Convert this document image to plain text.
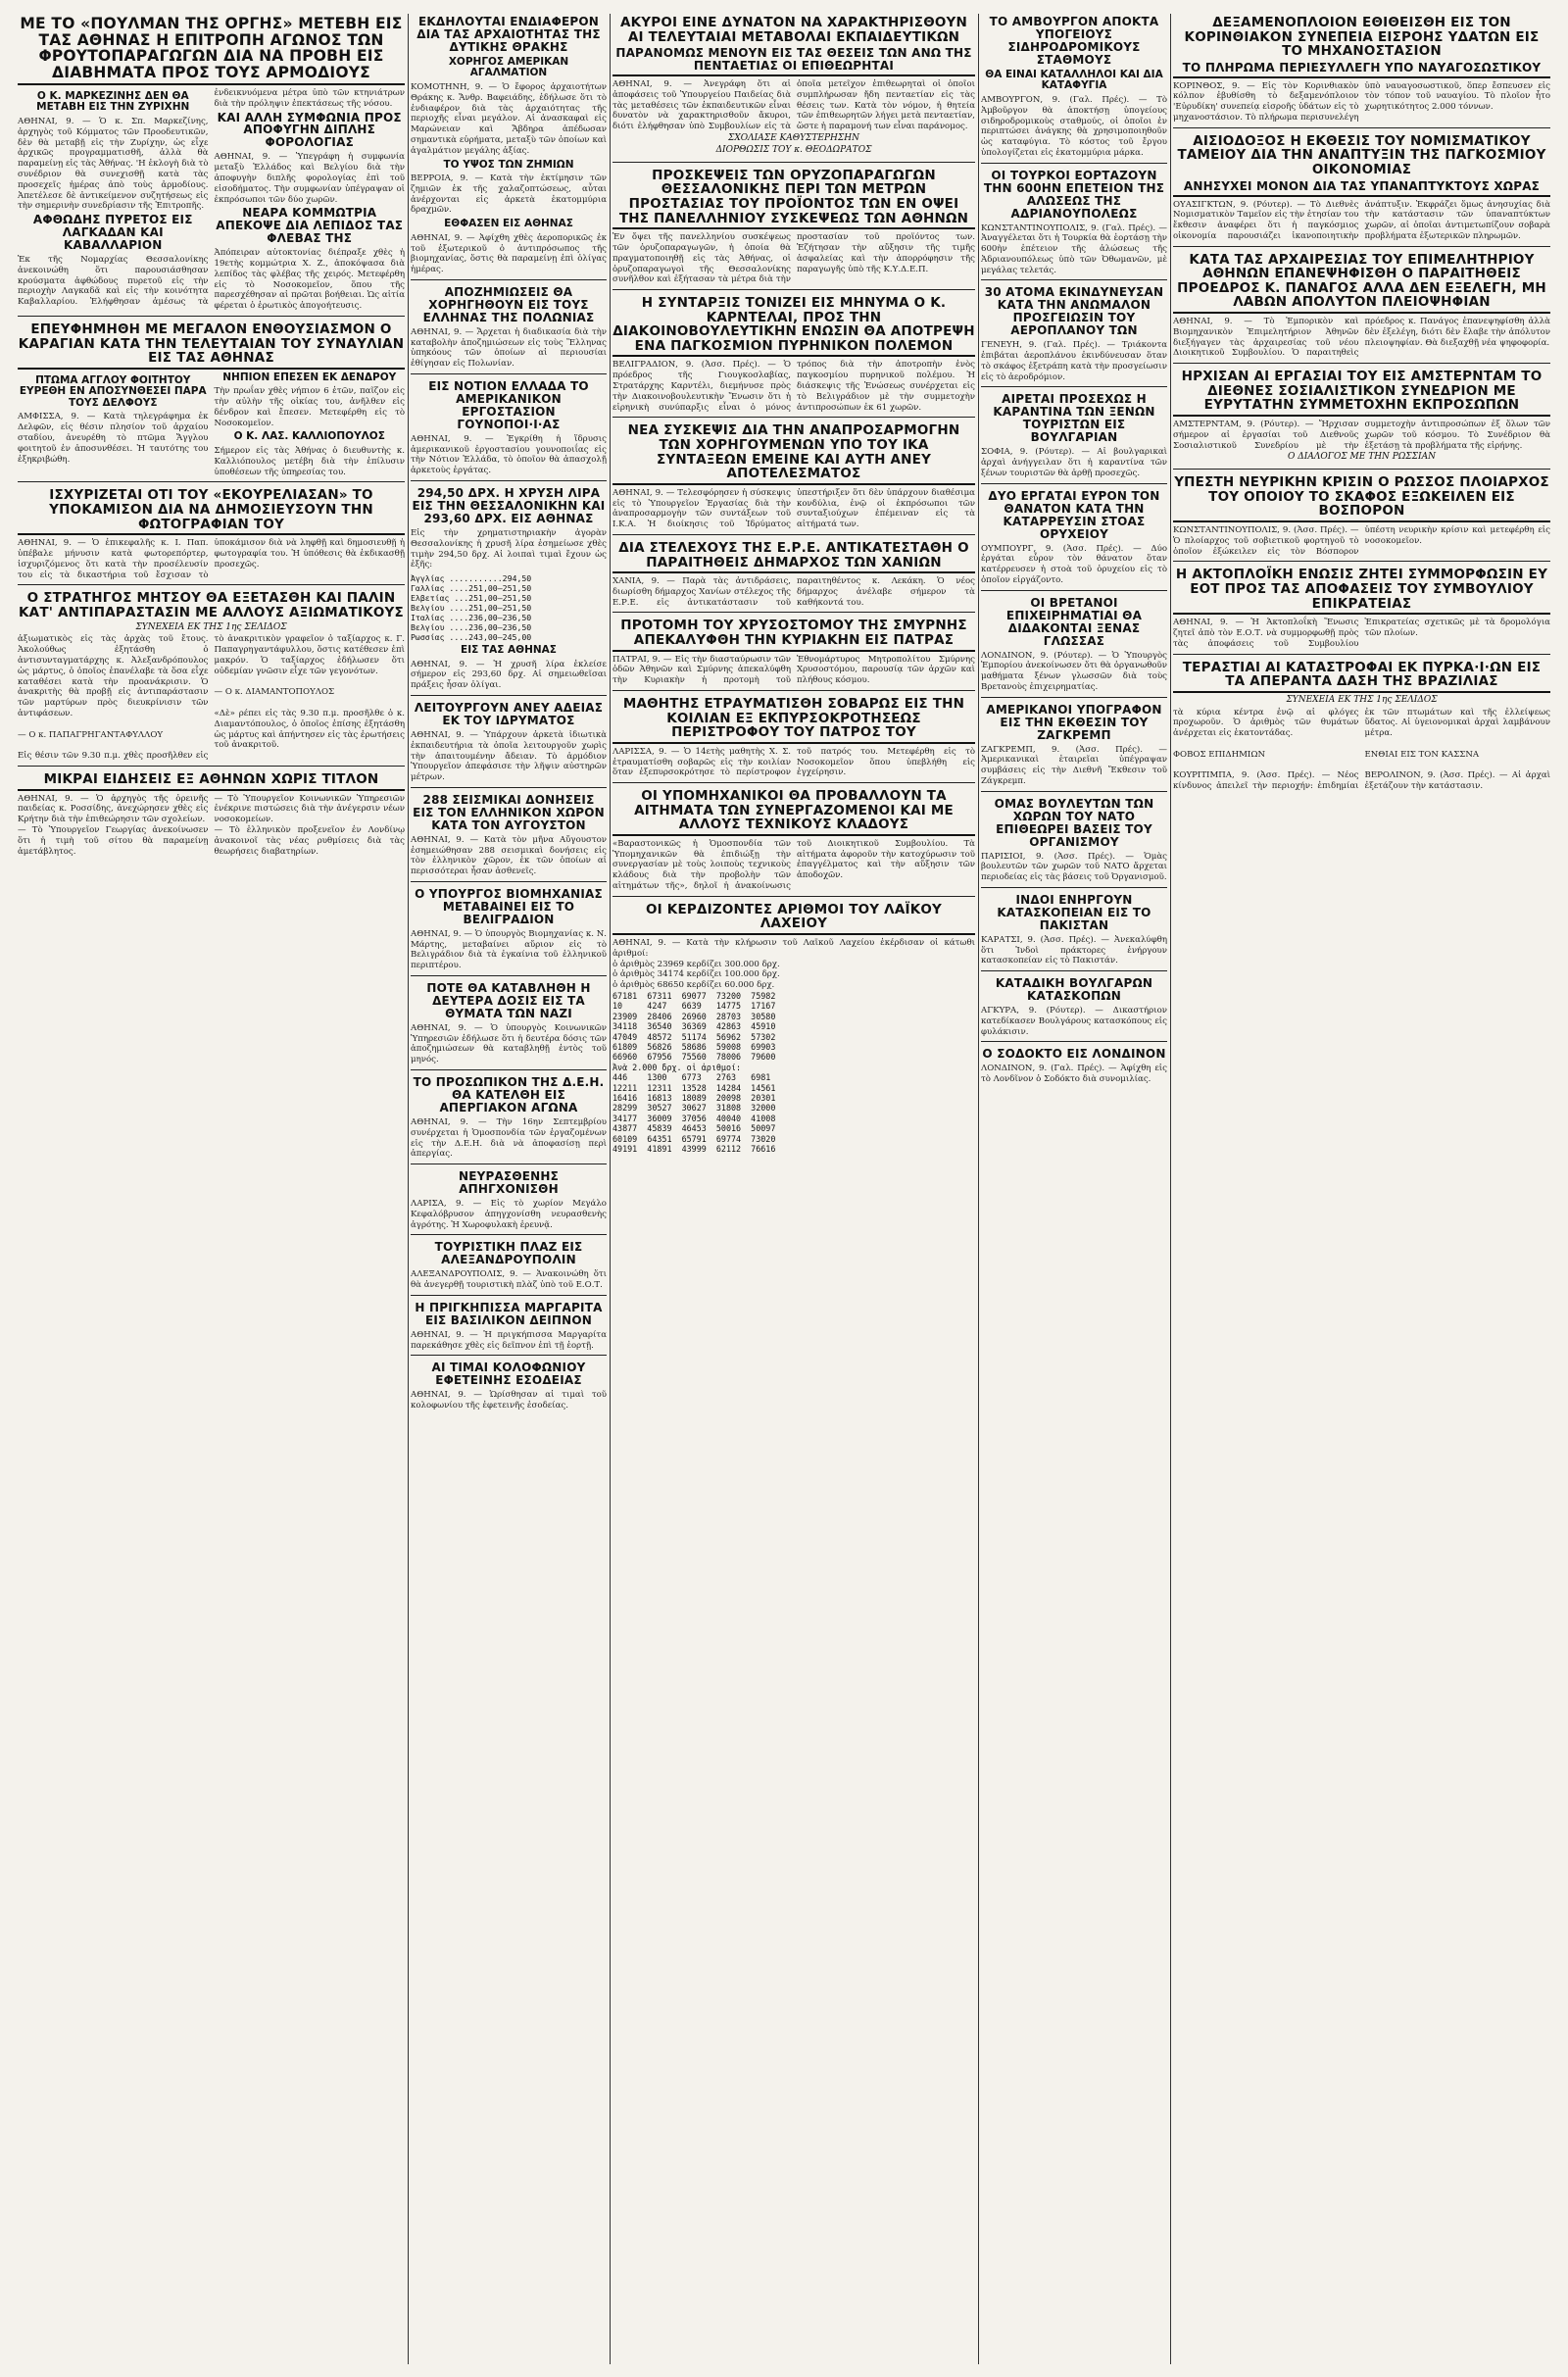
ΜΕ ΤΟ «ΠΟΥΛΜΑΝ ΤΗΣ ΟΡΓΗΣ» ΜΕΤΕΒΗ ΕΙΣ ΤΑΣ ΑΘΗΝΑΣ Η ΕΠΙΤΡΟΠΗ ΑΓΩΝΟΣ ΤΩΝ ΦΡΟΥΤΟΠΑΡΑΓΩΓΩΝ ΔΙΑ ΝΑ ΠΡΟΒΗ ΕΙΣ ΔΙΑΒΗΜΑΤΑ ΠΡΟΣ ΤΟΥΣ ΑΡΜΟΔΙΟΥΣ
Ο Κ. ΜΑΡΚΕΖΙΝΗΣ ΔΕΝ ΘΑ ΜΕΤΑΒΗ ΕΙΣ ΤΗΝ ΖΥΡΙΧΗΝ
ΑΘΗΝΑΙ, 9. — Ὁ κ. Σπ. Μαρκεζίνης, ἀρχηγὸς τοῦ Κόμματος τῶν Προοδευτικῶν, δὲν θὰ μεταβῇ εἰς τὴν Ζυρίχην, ὡς εἶχε ἀρχικῶς προγραμματισθῆ, ἀλλὰ θὰ παραμείνῃ εἰς τὰς Ἀθήνας. 'Η ἐκλογὴ διὰ τὸ συνέδριον θὰ συνεχισθῇ κατὰ τὰς προσεχεῖς ἡμέρας ἀπὸ τοὺς ἀρμοδίους. Ἀπετέλεσε δὲ ἀντικείμενον συζητήσεως εἰς τὴν σημερινὴν συνεδρίασιν τῆς Ἐπιτροπῆς.
ΑΦΘΩΔΗΣ ΠΥΡΕΤΟΣ ΕΙΣ ΛΑΓΚΑΔΑΝ ΚΑΙ ΚΑΒΑΛΛΑΡΙΟΝ
Ἐκ τῆς Νομαρχίας Θεσσαλονίκης ἀνεκοινώθη ὅτι παρουσιάσθησαν κρούσματα ἀφθώδους πυρετοῦ εἰς τὴν περιοχὴν Λαγκαδᾶ καὶ εἰς τὴν κοινότητα Καβαλλαρίου. Ἐλήφθησαν ἀμέσως τὰ ἐνδεικνυόμενα μέτρα ὑπὸ τῶν κτηνιάτρων διὰ τὴν πρόληψιν ἐπεκτάσεως τῆς νόσου.
ΚΑΙ ΑΛΛΗ ΣΥΜΦΩΝΙΑ ΠΡΟΣ ΑΠΟΦΥΓΗΝ ΔΙΠΛΗΣ ΦΟΡΟΛΟΓΙΑΣ
ΑΘΗΝΑΙ, 9. — Ὑπεγράφη ἡ συμφωνία μεταξὺ Ἑλλάδος καὶ Βελγίου διὰ τὴν ἀποφυγὴν διπλῆς φορολογίας ἐπὶ τοῦ εἰσοδήματος. Τὴν συμφωνίαν ὑπέγραψαν οἱ ἐκπρόσωποι τῶν δύο χωρῶν.
ΝΕΑΡΑ ΚΟΜΜΩΤΡΙΑ ΑΠΕΚΟΨΕ ΔΙΑ ΛΕΠΙΔΟΣ ΤΑΣ ΦΛΕΒΑΣ ΤΗΣ
Ἀπόπειραν αὐτοκτονίας διέπραξε χθὲς ἡ 19ετὴς κομμώτρια Χ. Ζ., ἀποκόψασα διὰ λεπίδος τὰς φλέβας τῆς χειρός. Μετεφέρθη εἰς τὸ Νοσοκομεῖον, ὅπου τῆς παρεσχέθησαν αἱ πρῶται βοήθειαι. Ὡς αἰτία φέρεται ὁ ἐρωτικὸς ἀπογοήτευσις.
ΕΠΕΥΦΗΜΗΘΗ ΜΕ ΜΕΓΑΛΟΝ ΕΝΘΟΥΣΙΑΣΜΟΝ Ο ΚΑΡΑΓΙΑΝ ΚΑΤΑ ΤΗΝ ΤΕΛΕΥΤΑΙΑΝ ΤΟΥ ΣΥΝΑΥΛΙΑΝ ΕΙΣ ΤΑΣ ΑΘΗΝΑΣ
ΠΤΩΜΑ ΑΓΓΛΟΥ ΦΟΙΤΗΤΟΥ ΕΥΡΕΘΗ ΕΝ ΑΠΟΣΥΝΘΕΣΕΙ ΠΑΡΑ ΤΟΥΣ ΔΕΛΦΟΥΣ
ΑΜΦΙΣΣΑ, 9. — Κατὰ τηλεγράφημα ἐκ Δελφῶν, εἰς θέσιν πλησίον τοῦ ἀρχαίου σταδίου, ἀνευρέθη τὸ πτῶμα Ἄγγλου φοιτητοῦ ἐν ἀποσυνθέσει. Ἡ ταυτότης του ἐξηκριβώθη.
ΝΗΠΙΟΝ ΕΠΕΣΕΝ ΕΚ ΔΕΝΔΡΟΥ
Τὴν πρωΐαν χθὲς νήπιον 6 ἐτῶν, παῖζον εἰς τὴν αὐλὴν τῆς οἰκίας του, ἀνῆλθεν εἰς δένδρον καὶ ἔπεσεν. Μετεφέρθη εἰς τὸ Νοσοκομεῖον.
Ο Κ. ΛΑΣ. ΚΑΛΛΙΟΠΟΥΛΟΣ
Σήμερον εἰς τὰς Ἀθήνας ὁ διευθυντὴς κ. Καλλιόπουλος μετέβη διὰ τὴν ἐπίλυσιν ὑποθέσεων τῆς ὑπηρεσίας του.
ΙΣΧΥΡΙΖΕΤΑΙ ΟΤΙ ΤΟΥ «ΕΚΟΥΡΕΛΙΑΣΑΝ» ΤΟ ΥΠΟΚΑΜΙΣΟΝ ΔΙΑ ΝΑ ΔΗΜΟΣΙΕΥΣΟΥΝ ΤΗΝ ΦΩΤΟΓΡΑΦΙΑΝ ΤΟΥ
ΑΘΗΝΑΙ, 9. — Ὁ ἐπικεφαλῆς κ. Ι. Παπ. ὑπέβαλε μήνυσιν κατὰ φωτορεπόρτερ, ἰσχυριζόμενος ὅτι κατὰ τὴν προσέλευσίν του εἰς τὰ δικαστήρια τοῦ ἔσχισαν τὸ ὑποκάμισον διὰ νὰ ληφθῇ καὶ δημοσιευθῇ ἡ φωτογραφία του. Ἡ ὑπόθεσις θὰ ἐκδικασθῇ προσεχῶς.
Ο ΣΤΡΑΤΗΓΟΣ ΜΗΤΣΟΥ ΘΑ ΕΞΕΤΑΣΘΗ ΚΑΙ ΠΑΛΙΝ ΚΑΤ' ΑΝΤΙΠΑΡΑΣΤΑΣΙΝ ΜΕ ΑΛΛΟΥΣ ΑΞΙΩΜΑΤΙΚΟΥΣ
ΣΥΝΕΧΕΙΑ ΕΚ ΤΗΣ 1ης ΣΕΛΙΔΟΣ
ἀξιωματικὸς εἰς τὰς ἀρχὰς τοῦ ἔτους. Ἀκολούθως ἐξητάσθη ὁ ἀντισυνταγματάρχης κ. Ἀλεξανδρόπουλος ὡς μάρτυς, ὁ ὁποῖος ἐπανέλαβε τὰ ὅσα εἶχε καταθέσει κατὰ τὴν προανάκρισιν. Ὁ ἀνακριτὴς θὰ προβῇ εἰς ἀντιπαράστασιν τῶν μαρτύρων πρὸς διευκρίνισιν τῶν ἀντιφάσεων.

— Ο κ. ΠΑΠΑΓΡΗΓΑΝΤΑΦΥΛΛΟΥ

Εἰς θέσιν τῶν 9.30 π.μ. χθὲς προσῆλθεν εἰς τὸ ἀνακριτικὸν γραφεῖον ὁ ταξίαρχος κ. Γ. Παπαγρηγαντάφυλλου, ὅστις κατέθεσεν ἐπὶ μακρόν. Ὁ ταξίαρχος ἐδήλωσεν ὅτι οὐδεμίαν γνῶσιν εἶχε τῶν γεγονότων.

— Ο κ. ΔΙΑΜΑΝΤΟΠΟΥΛΟΣ

«Δὲ» ρέπει εἰς τὰς 9.30 π.μ. προσῆλθε ὁ κ. Διαμαντόπουλος, ὁ ὁποῖος ἐπίσης ἐξητάσθη ὡς μάρτυς καὶ ἀπήντησεν εἰς τὰς ἐρωτήσεις τοῦ ἀνακριτοῦ.
ΜΙΚΡΑΙ ΕΙΔΗΣΕΙΣ ΕΞ ΑΘΗΝΩΝ ΧΩΡΙΣ ΤΙΤΛΟΝ
ΑΘΗΝΑΙ, 9. — Ὁ ἀρχηγὸς τῆς ὀρεινῆς παιδείας κ. Ροσσίδης, ἀνεχώρησεν χθὲς εἰς Κρήτην διὰ τὴν ἐπιθεώρησιν τῶν σχολείων.
— Τὸ Ὑπουργεῖον Γεωργίας ἀνεκοίνωσεν ὅτι ἡ τιμὴ τοῦ σίτου θὰ παραμείνῃ ἀμετάβλητος.
— Τὸ Ὑπουργεῖον Κοινωνικῶν Ὑπηρεσιῶν ἐνέκρινε πιστώσεις διὰ τὴν ἀνέγερσιν νέων νοσοκομείων.
— Τὸ ἑλληνικὸν προξενεῖον ἐν Λονδίνῳ ἀνακοινοῖ τὰς νέας ρυθμίσεις διὰ τὰς θεωρήσεις διαβατηρίων.
ΕΚΔΗΛΟΥΤΑΙ ΕΝΔΙΑΦΕΡΟΝ ΔΙΑ ΤΑΣ ΑΡΧΑΙΟΤΗΤΑΣ ΤΗΣ ΔΥΤΙΚΗΣ ΘΡΑΚΗΣ
ΧΟΡΗΓΟΣ ΑΜΕΡΙΚΑΝ ΑΓΑΛΜΑΤΙΟΝ
ΚΟΜΟΤΗΝΗ, 9. — Ὁ ἔφορος ἀρχαιοτήτων Θράκης κ. Ἄνθρ. Βαφειάδης, ἐδήλωσε ὅτι τὸ ἐνδιαφέρον διὰ τὰς ἀρχαιότητας τῆς περιοχῆς εἶναι μεγάλον. Αἱ ἀνασκαφαὶ εἰς Μαρώνειαν καὶ Ἄβδηρα ἀπέδωσαν σημαντικὰ εὑρήματα, μεταξὺ τῶν ὁποίων καὶ ἀγαλμάτιον μεγάλης ἀξίας.
ΤΟ ΥΨΟΣ ΤΩΝ ΖΗΜΙΩΝ
ΒΕΡΡΟΙΑ, 9. — Κατὰ τὴν ἐκτίμησιν τῶν ζημιῶν ἐκ τῆς χαλαζοπτώσεως, αὗται ἀνέρχονται εἰς ἀρκετὰ ἑκατομμύρια δραχμῶν.
ΕΘΦΑΣΕΝ ΕΙΣ ΑΘΗΝΑΣ
ΑΘΗΝΑΙ, 9. — Ἀφίχθη χθὲς ἀεροπορικῶς ἐκ τοῦ ἐξωτερικοῦ ὁ ἀντιπρόσωπος τῆς βιομηχανίας, ὅστις θὰ παραμείνῃ ἐπὶ ὀλίγας ἡμέρας.
ΑΠΟΖΗΜΙΩΣΕΙΣ ΘΑ ΧΟΡΗΓΗΘΟΥΝ ΕΙΣ ΤΟΥΣ ΕΛΛΗΝΑΣ ΤΗΣ ΠΟΛΩΝΙΑΣ
ΑΘΗΝΑΙ, 9. — Ἄρχεται ἡ διαδικασία διὰ τὴν καταβολὴν ἀποζημιώσεων εἰς τοὺς Ἕλληνας ὑπηκόους τῶν ὁποίων αἱ περιουσίαι ἐθίγησαν εἰς Πολωνίαν.
ΕΙΣ ΝΟΤΙΟΝ ΕΛΛΑΔΑ ΤΟ ΑΜΕΡΙΚΑΝΙΚΟΝ ΕΡΓΟΣΤΑΣΙΟΝ ΓΟΥΝΟΠΟΙ·Ι·ΑΣ
ΑΘΗΝΑΙ, 9. — Ἐγκρίθη ἡ ἵδρυσις ἀμερικανικοῦ ἐργοστασίου γουνοποιΐας εἰς τὴν Νότιον Ἑλλάδα, τὸ ὁποῖον θὰ ἀπασχολῇ ἀρκετοὺς ἐργάτας.
294,50 ΔΡΧ. Η ΧΡΥΣΗ ΛΙΡΑ ΕΙΣ ΤΗΝ ΘΕΣΣΑΛΟΝΙΚΗΝ ΚΑΙ 293,60 ΔΡΧ. ΕΙΣ ΑΘΗΝΑΣ
Εἰς τὴν χρηματιστηριακὴν ἀγορὰν Θεσσαλονίκης ἡ χρυσῆ λίρα ἐσημείωσε χθὲς τιμὴν 294,50 δρχ. Αἱ λοιπαὶ τιμαὶ ἔχουν ὡς ἑξῆς:
Ἀγγλίας ...........294,50
Γαλλίας ....251,00—251,50
Ελβετίας ...251,00—251,50
Βελγίου ....251,00—251,50
Ιταλίας ....236,00—236,50
Βελγίου ....236,00—236,50
Ρωσσίας ....243,00—245,00
ΕΙΣ ΤΑΣ ΑΘΗΝΑΣ
ΑΘΗΝΑΙ, 9. — Ἡ χρυσῆ λίρα ἐκλείσε σήμερον εἰς 293,60 δρχ. Αἱ σημειωθεῖσαι πράξεις ἦσαν ὀλίγαι.
ΛΕΙΤΟΥΡΓΟΥΝ ΑΝΕΥ ΑΔΕΙΑΣ ΕΚ ΤΟΥ ΙΔΡΥΜΑΤΟΣ
ΑΘΗΝΑΙ, 9. — Ὑπάρχουν ἀρκετὰ ἰδιωτικὰ ἐκπαιδευτήρια τὰ ὁποῖα λειτουργοῦν χωρὶς τὴν ἀπαιτουμένην ἄδειαν. Τὸ ἁρμόδιον Ὑπουργεῖον ἀπεφάσισε τὴν λῆψιν αὐστηρῶν μέτρων.
288 ΣΕΙΣΜΙΚΑΙ ΔΟΝΗΣΕΙΣ ΕΙΣ ΤΟΝ ΕΛΛΗΝΙΚΟΝ ΧΩΡΟΝ ΚΑΤΑ ΤΟΝ ΑΥΓΟΥΣΤΟΝ
ΑΘΗΝΑΙ, 9. — Κατὰ τὸν μῆνα Αὔγουστον ἐσημειώθησαν 288 σεισμικαὶ δονήσεις εἰς τὸν ἑλληνικὸν χῶρον, ἐκ τῶν ὁποίων αἱ περισσότεραι ἦσαν ἀσθενεῖς.
Ο ΥΠΟΥΡΓΟΣ ΒΙΟΜΗΧΑΝΙΑΣ ΜΕΤΑΒΑΙΝΕΙ ΕΙΣ ΤΟ ΒΕΛΙΓΡΑΔΙΟΝ
ΑΘΗΝΑΙ, 9. — Ὁ ὑπουργὸς Βιομηχανίας κ. Ν. Μάρτης, μεταβαίνει αὔριον εἰς τὸ Βελιγράδιον διὰ τὰ ἐγκαίνια τοῦ ἑλληνικοῦ περιπτέρου.
ΠΟΤΕ ΘΑ ΚΑΤΑΒΛΗΘΗ Η ΔΕΥΤΕΡΑ ΔΟΣΙΣ ΕΙΣ ΤΑ ΘΥΜΑΤΑ ΤΩΝ ΝΑΖΙ
ΑΘΗΝΑΙ, 9. — Ὁ ὑπουργὸς Κοινωνικῶν Ὑπηρεσιῶν ἐδήλωσε ὅτι ἡ δευτέρα δόσις τῶν ἀποζημιώσεων θὰ καταβληθῇ ἐντὸς τοῦ μηνός.
ΤΟ ΠΡΟΣΩΠΙΚΟΝ ΤΗΣ Δ.Ε.Η. ΘΑ ΚΑΤΕΛΘΗ ΕΙΣ ΑΠΕΡΓΙΑΚΟΝ ΑΓΩΝΑ
ΑΘΗΝΑΙ, 9. — Τὴν 16ην Σεπτεμβρίου συνέρχεται ἡ Ὁμοσπονδία τῶν ἐργαζομένων εἰς τὴν Δ.Ε.Η. διὰ νὰ ἀποφασίσῃ περὶ ἀπεργίας.
ΝΕΥΡΑΣΘΕΝΗΣ ΑΠΗΓΧΟΝΙΣΘΗ
ΛΑΡΙΣΑ, 9. — Εἰς τὸ χωρίον Μεγάλο Κεφαλόβρυσον ἀπηγχονίσθη νευρασθενὴς ἀγρότης. Ἡ Χωροφυλακὴ ἐρευνᾷ.
ΤΟΥΡΙΣΤΙΚΗ ΠΛΑΖ ΕΙΣ ΑΛΕΞΑΝΔΡΟΥΠΟΛΙΝ
ΑΛΕΞΑΝΔΡΟΥΠΟΛΙΣ, 9. — Ἀνακοινώθη ὅτι θὰ ἀνεγερθῇ τουριστικὴ πλὰζ ὑπὸ τοῦ Ε.Ο.Τ.
Η ΠΡΙΓΚΗΠΙΣΣΑ ΜΑΡΓΑΡΙΤΑ ΕΙΣ ΒΑΣΙΛΙΚΟΝ ΔΕΙΠΝΟΝ
ΑΘΗΝΑΙ, 9. — Ἡ πριγκήπισσα Μαργαρίτα παρεκάθησε χθὲς εἰς δεῖπνον ἐπὶ τῇ ἑορτῇ.
ΑΙ ΤΙΜΑΙ ΚΟΛΟΦΩΝΙΟΥ ΕΦΕΤΕΙΝΗΣ ΕΣΟΔΕΙΑΣ
ΑΘΗΝΑΙ, 9. — Ὡρίσθησαν αἱ τιμαὶ τοῦ κολοφωνίου τῆς ἐφετεινῆς ἐσοδείας.
ΑΚΥΡΟΙ ΕΙΝΕ ΔΥΝΑΤΟΝ ΝΑ ΧΑΡΑΚΤΗΡΙΣΘΟΥΝ ΑΙ ΤΕΛΕΥΤΑΙΑΙ ΜΕΤΑΒΟΛΑΙ ΕΚΠΑΙΔΕΥΤΙΚΩΝ
ΠΑΡΑΝΟΜΩΣ ΜΕΝΟΥΝ ΕΙΣ ΤΑΣ ΘΕΣΕΙΣ ΤΩΝ ΑΝΩ ΤΗΣ ΠΕΝΤΑΕΤΙΑΣ ΟΙ ΕΠΙΘΕΩΡΗΤΑΙ
ΑΘΗΝΑΙ, 9. — Ἀνεγράφη ὅτι αἱ ἀποφάσεις τοῦ Ὑπουργείου Παιδείας διὰ τὰς μεταθέσεις τῶν ἐκπαιδευτικῶν εἶναι δυνατὸν νὰ χαρακτηρισθοῦν ἄκυροι, διότι ἐλήφθησαν ὑπὸ Συμβουλίων εἰς τὰ ὁποῖα μετεῖχον ἐπιθεωρηταὶ οἱ ὁποῖοι συμπλήρωσαν ἤδη πενταετίαν εἰς τὰς θέσεις των. Κατὰ τὸν νόμον, ἡ θητεία τῶν ἐπιθεωρητῶν λήγει μετὰ πενταετίαν, ὥστε ἡ παραμονή των εἶναι παράνομος.
ΣΧΟΛΙΑΣΕ ΚΑΘΥΣΤΕΡΗΣΗΝ
ΔΙΟΡΘΩΣΙΣ ΤΟΥ κ. ΘΕΟΔΩΡΑΤΟΣ
ΠΡΟΣΚΕΨΕΙΣ ΤΩΝ ΟΡΥΖΟΠΑΡΑΓΩΓΩΝ ΘΕΣΣΑΛΟΝΙΚΗΣ ΠΕΡΙ ΤΩΝ ΜΕΤΡΩΝ ΠΡΟΣΤΑΣΙΑΣ ΤΟΥ ΠΡΟΪΟΝΤΟΣ ΤΩΝ ΕΝ ΟΨΕΙ ΤΗΣ ΠΑΝΕΛΛΗΝΙΟΥ ΣΥΣΚΕΨΕΩΣ ΤΩΝ ΑΘΗΝΩΝ
Ἐν ὄψει τῆς πανελληνίου συσκέψεως τῶν ὀρυζοπαραγωγῶν, ἡ ὁποία θὰ πραγματοποιηθῇ εἰς τὰς Ἀθήνας, οἱ ὀρυζοπαραγωγοὶ τῆς Θεσσαλονίκης συνῆλθον καὶ ἐξήτασαν τὰ μέτρα διὰ τὴν προστασίαν τοῦ προϊόντος των. Ἐζήτησαν τὴν αὔξησιν τῆς τιμῆς ἀσφαλείας καὶ τὴν ἀπορρόφησιν τῆς παραγωγῆς ὑπὸ τῆς Κ.Υ.Δ.Ε.Π.
Η ΣΥΝΤΑΡΞΙΣ ΤΟΝΙΖΕΙ ΕΙΣ ΜΗΝΥΜΑ Ο Κ. ΚΑΡΝΤΕΛΑΙ, ΠΡΟΣ ΤΗΝ ΔΙΑΚΟΙΝΟΒΟΥΛΕΥΤΙΚΗΝ ΕΝΩΣΙΝ ΘΑ ΑΠΟΤΡΕΨΗ ΕΝΑ ΠΑΓΚΟΣΜΙΟΝ ΠΥΡΗΝΙΚΟΝ ΠΟΛΕΜΟΝ
ΒΕΛΙΓΡΑΔΙΟΝ, 9. (Ἀσσ. Πρές). — Ὁ πρόεδρος τῆς Γιουγκοσλαβίας, Στρατάρχης Καρντέλι, διεμήνυσε πρὸς τὴν Διακοινοβουλευτικὴν Ἔνωσιν ὅτι ἡ εἰρηνικὴ συνύπαρξις εἶναι ὁ μόνος τρόπος διὰ τὴν ἀποτροπὴν ἑνὸς παγκοσμίου πυρηνικοῦ πολέμου. Ἡ διάσκεψις τῆς Ἑνώσεως συνέρχεται εἰς τὸ Βελιγράδιον μὲ τὴν συμμετοχὴν ἀντιπροσώπων ἐκ 61 χωρῶν.
ΝΕΑ ΣΥΣΚΕΨΙΣ ΔΙΑ ΤΗΝ ΑΝΑΠΡΟΣΑΡΜΟΓΗΝ ΤΩΝ ΧΟΡΗΓΟΥΜΕΝΩΝ ΥΠΟ ΤΟΥ ΙΚΑ ΣΥΝΤΑΞΕΩΝ ΕΜΕΙΝΕ ΚΑΙ ΑΥΤΗ ΑΝΕΥ ΑΠΟΤΕΛΕΣΜΑΤΟΣ
ΑΘΗΝΑΙ, 9. — Τελεσφόρησεν ἡ σύσκεψις εἰς τὸ Ὑπουργεῖον Ἐργασίας διὰ τὴν ἀναπροσαρμογὴν τῶν συντάξεων τοῦ Ι.Κ.Α. Ἡ διοίκησις τοῦ Ἱδρύματος ὑπεστήριξεν ὅτι δὲν ὑπάρχουν διαθέσιμα κονδύλια, ἐνῷ οἱ ἐκπρόσωποι τῶν συνταξιούχων ἐπέμειναν εἰς τὰ αἰτήματά των.
ΔΙΑ ΣΤΕΛΕΧΟΥΣ ΤΗΣ Ε.Ρ.Ε. ΑΝΤΙΚΑΤΕΣΤΑΘΗ Ο ΠΑΡΑΙΤΗΘΕΙΣ ΔΗΜΑΡΧΟΣ ΤΩΝ ΧΑΝΙΩΝ
ΧΑΝΙΑ, 9. — Παρὰ τὰς ἀντιδράσεις, διωρίσθη δήμαρχος Χανίων στέλεχος τῆς Ε.Ρ.Ε. εἰς ἀντικατάστασιν τοῦ παραιτηθέντος κ. Λεκάκη. Ὁ νέος δήμαρχος ἀνέλαβε σήμερον τὰ καθήκοντά του.
ΠΡΟΤΟΜΗ ΤΟΥ ΧΡΥΣΟΣΤΟΜΟΥ ΤΗΣ ΣΜΥΡΝΗΣ ΑΠΕΚΑΛΥΦΘΗ ΤΗΝ ΚΥΡΙΑΚΗΝ ΕΙΣ ΠΑΤΡΑΣ
ΠΑΤΡΑΙ, 9. — Εἰς τὴν διασταύρωσιν τῶν ὁδῶν Ἀθηνῶν καὶ Σμύρνης ἀπεκαλύφθη τὴν Κυριακὴν ἡ προτομὴ τοῦ Ἐθνομάρτυρος Μητροπολίτου Σμύρνης Χρυσοστόμου, παρουσίᾳ τῶν ἀρχῶν καὶ πλήθους κόσμου.
ΜΑΘΗΤΗΣ ΕΤΡΑΥΜΑΤΙΣΘΗ ΣΟΒΑΡΩΣ ΕΙΣ ΤΗΝ ΚΟΙΛΙΑΝ ΕΞ ΕΚΠΥΡΣΟΚΡΟΤΗΣΕΩΣ ΠΕΡΙΣΤΡΟΦΟΥ ΤΟΥ ΠΑΤΡΟΣ ΤΟΥ
ΛΑΡΙΣΣΑ, 9. — Ὁ 14ετὴς μαθητὴς Χ. Σ. ἐτραυματίσθη σοβαρῶς εἰς τὴν κοιλίαν ὅταν ἐξεπυρσοκρότησε τὸ περίστροφον τοῦ πατρός του. Μετεφέρθη εἰς τὸ Νοσοκομεῖον ὅπου ὑπεβλήθη εἰς ἐγχείρησιν.
ΟΙ ΥΠΟΜΗΧΑΝΙΚΟΙ ΘΑ ΠΡΟΒΑΛΛΟΥΝ ΤΑ ΑΙΤΗΜΑΤΑ ΤΩΝ ΣΥΝΕΡΓΑΖΟΜΕΝΟΙ ΚΑΙ ΜΕ ΑΛΛΟΥΣ ΤΕΧΝΙΚΟΥΣ ΚΛΑΔΟΥΣ
«Βαραστονικῶς ἡ Ὁμοσπονδία τῶν Ὑπομηχανικῶν θὰ ἐπιδιώξῃ τὴν συνεργασίαν μὲ τοὺς λοιποὺς τεχνικοὺς κλάδους διὰ τὴν προβολὴν τῶν αἰτημάτων τῆς», δηλοῖ ἡ ἀνακοίνωσις τοῦ Διοικητικοῦ Συμβουλίου. Τὰ αἰτήματα ἀφοροῦν τὴν κατοχύρωσιν τοῦ ἐπαγγέλματος καὶ τὴν αὔξησιν τῶν ἀποδοχῶν.
ΟΙ ΚΕΡΔΙΖΟΝΤΕΣ ΑΡΙΘΜΟΙ ΤΟΥ ΛΑΪΚΟΥ ΛΑΧΕΙΟΥ
ΑΘΗΝΑΙ, 9. — Κατὰ τὴν κλήρωσιν τοῦ Λαϊκοῦ Λαχείου ἐκέρδισαν οἱ κάτωθι ἀριθμοί:
ὁ ἀριθμὸς 23969 κερδίζει 300.000 δρχ.
ὁ ἀριθμὸς 34174 κερδίζει 100.000 δρχ.
ὁ ἀριθμὸς 68650 κερδίζει 60.000 δρχ.
67181  67311  69077  73200  75982
10     4247   6639   14775  17167
23909  28406  26960  28703  30580
34118  36540  36369  42863  45910
47049  48572  51174  56962  57302
61809  56826  58686  59008  69903
66960  67956  75560  78006  79600
Ἀνὰ 2.000 δρχ. οἱ ἀριθμοί:
446    1300   6773   2763   6981
12211  12311  13528  14284  14561
16416  16813  18089  20098  20301
28299  30527  30627  31808  32000
34177  36009  37056  40040  41008
43877  45839  46453  50016  50097
60109  64351  65791  69774  73020
49191  41891  43999  62112  76616
ΤΟ ΑΜΒΟΥΡΓΟΝ ΑΠΟΚΤΑ ΥΠΟΓΕΙΟΥΣ ΣΙΔΗΡΟΔΡΟΜΙΚΟΥΣ ΣΤΑΘΜΟΥΣ
ΘΑ ΕΙΝΑΙ ΚΑΤΑΛΛΗΛΟΙ ΚΑΙ ΔΙΑ ΚΑΤΑΦΥΓΙΑ
ΑΜΒΟΥΡΓΟΝ, 9. (Γαλ. Πρές). — Τὸ Ἀμβοῦργον θὰ ἀποκτήσῃ ὑπογείους σιδηροδρομικοὺς σταθμούς, οἱ ὁποῖοι ἐν περιπτώσει ἀνάγκης θὰ χρησιμοποιηθοῦν ὡς καταφύγια. Τὸ κόστος τοῦ ἔργου ὑπολογίζεται εἰς ἑκατομμύρια μάρκα.
ΟΙ ΤΟΥΡΚΟΙ ΕΟΡΤΑΖΟΥΝ ΤΗΝ 600ΗΝ ΕΠΕΤΕΙΟΝ ΤΗΣ ΑΛΩΣΕΩΣ ΤΗΣ ΑΔΡΙΑΝΟΥΠΟΛΕΩΣ
ΚΩΝΣΤΑΝΤΙΝΟΥΠΟΛΙΣ, 9. (Γαλ. Πρές). — Ἀναγγέλεται ὅτι ἡ Τουρκία θὰ ἑορτάσῃ τὴν 600ὴν ἐπέτειον τῆς ἁλώσεως τῆς Ἀδριανουπόλεως ὑπὸ τῶν Ὀθωμανῶν, μὲ μεγάλας τελετάς.
30 ΑΤΟΜΑ ΕΚΙΝΔΥΝΕΥΣΑΝ ΚΑΤΑ ΤΗΝ ΑΝΩΜΑΛΟΝ ΠΡΟΣΓΕΙΩΣΙΝ ΤΟΥ ΑΕΡΟΠΛΑΝΟΥ ΤΩΝ
ΓΕΝΕΥΗ, 9. (Γαλ. Πρές). — Τριάκοντα ἐπιβάται ἀεροπλάνου ἐκινδύνευσαν ὅταν τὸ σκάφος ἐξετράπη κατὰ τὴν προσγείωσιν εἰς τὸ ἀεροδρόμιον.
ΑΙΡΕΤΑΙ ΠΡΟΣΕΧΩΣ Η ΚΑΡΑΝΤΙΝΑ ΤΩΝ ΞΕΝΩΝ ΤΟΥΡΙΣΤΩΝ ΕΙΣ ΒΟΥΛΓΑΡΙΑΝ
ΣΟΦΙΑ, 9. (Ρόυτερ). — Αἱ βουλγαρικαὶ ἀρχαὶ ἀνήγγειλαν ὅτι ἡ καραντίνα τῶν ξένων τουριστῶν θὰ ἀρθῇ προσεχῶς.
ΔΥΟ ΕΡΓΑΤΑΙ ΕΥΡΟΝ ΤΟΝ ΘΑΝΑΤΟΝ ΚΑΤΑ ΤΗΝ ΚΑΤΑΡΡΕΥΣΙΝ ΣΤΟΑΣ ΟΡΥΧΕΙΟΥ
ΟΥΜΠΟΥΡΓ, 9. (Ἀσσ. Πρές). — Δύο ἐργάται εὗρον τὸν θάνατον ὅταν κατέρρευσεν ἡ στοὰ τοῦ ὀρυχείου εἰς τὸ ὁποῖον εἰργάζοντο.
ΟΙ ΒΡΕΤΑΝΟΙ ΕΠΙΧΕΙΡΗΜΑΤΙΑΙ ΘΑ ΔΙΔΑΚΟΝΤΑΙ ΞΕΝΑΣ ΓΛΩΣΣΑΣ
ΛΟΝΔΙΝΟΝ, 9. (Ρόυτερ). — Ὁ Ὑπουργὸς Ἐμπορίου ἀνεκοίνωσεν ὅτι θὰ ὀργανωθοῦν μαθήματα ξένων γλωσσῶν διὰ τοὺς Βρετανοὺς ἐπιχειρηματίας.
ΑΜΕΡΙΚΑΝΟΙ ΥΠΟΓΡΑΦΟΝ ΕΙΣ ΤΗΝ ΕΚΘΕΣΙΝ ΤΟΥ ΖΑΓΚΡΕΜΠ
ΖΑΓΚΡΕΜΠ, 9. (Ἀσσ. Πρές). — Ἀμερικανικαὶ ἑταιρεῖαι ὑπέγραψαν συμβάσεις εἰς τὴν Διεθνῆ Ἔκθεσιν τοῦ Ζάγκρεμπ.
ΟΜΑΣ ΒΟΥΛΕΥΤΩΝ ΤΩΝ ΧΩΡΩΝ ΤΟΥ ΝΑΤΟ ΕΠΙΘΕΩΡΕΙ ΒΑΣΕΙΣ ΤΟΥ ΟΡΓΑΝΙΣΜΟΥ
ΠΑΡΙΣΙΟΙ, 9. (Ἀσσ. Πρές). — Ὁμὰς βουλευτῶν τῶν χωρῶν τοῦ ΝΑΤΟ ἄρχεται περιοδείας εἰς τὰς βάσεις τοῦ Ὀργανισμοῦ.
ΙΝΔΟΙ ΕΝΗΡΓΟΥΝ ΚΑΤΑΣΚΟΠΕΙΑΝ ΕΙΣ ΤΟ ΠΑΚΙΣΤΑΝ
ΚΑΡΑΤΣΙ, 9. (Ἀσσ. Πρές). — Ἀνεκαλύφθη ὅτι Ἰνδοὶ πράκτορες ἐνήργουν κατασκοπείαν εἰς τὸ Πακιστάν.
ΚΑΤΑΔΙΚΗ ΒΟΥΛΓΑΡΩΝ ΚΑΤΑΣΚΟΠΩΝ
ΑΓΚΥΡΑ, 9. (Ρόυτερ). — Δικαστήριον κατεδίκασεν Βουλγάρους κατασκόπους εἰς φυλάκισιν.
Ο ΣΟΔΟΚΤΟ ΕΙΣ ΛΟΝΔΙΝΟΝ
ΛΟΝΔΙΝΟΝ, 9. (Γαλ. Πρές). — Ἀφίχθη εἰς τὸ Λονδῖνον ὁ Σοδόκτο διὰ συνομιλίας.
ΔΕΞΑΜΕΝΟΠΛΟΙΟΝ ΕΘΙΘΕΙΣΘΗ ΕΙΣ ΤΟΝ ΚΟΡΙΝΘΙΑΚΟΝ ΣΥΝΕΠΕΙΑ ΕΙΣΡΟΗΣ ΥΔΑΤΩΝ ΕΙΣ ΤΟ ΜΗΧΑΝΟΣΤΑΣΙΟΝ
ΤΟ ΠΛΗΡΩΜΑ ΠΕΡΙΕΣΥΛΛΕΓΗ ΥΠΟ ΝΑΥΑΓΟΣΩΣΤΙΚΟΥ
ΚΟΡΙΝΘΟΣ, 9. — Εἰς τὸν Κορινθιακὸν κόλπον ἐβυθίσθη τὸ δεξαμενόπλοιον 'Εὐρυδίκη' συνεπείᾳ εἰσροῆς ὑδάτων εἰς τὸ μηχανοστάσιον. Τὸ πλήρωμα περισυνελέγη ὑπὸ ναυαγοσωστικοῦ, ὅπερ ἔσπευσεν εἰς τὸν τόπον τοῦ ναυαγίου. Τὸ πλοῖον ἦτο χωρητικότητος 2.000 τόννων.
ΑΙΣΙΟΔΟΞΟΣ Η ΕΚΘΕΣΙΣ ΤΟΥ ΝΟΜΙΣΜΑΤΙΚΟΥ ΤΑΜΕΙΟΥ ΔΙΑ ΤΗΝ ΑΝΑΠΤΥΞΙΝ ΤΗΣ ΠΑΓΚΟΣΜΙΟΥ ΟΙΚΟΝΟΜΙΑΣ
ΑΝΗΣΥΧΕΙ ΜΟΝΟΝ ΔΙΑ ΤΑΣ ΥΠΑΝΑΠΤΥΚΤΟΥΣ ΧΩΡΑΣ
ΟΥΑΣΙΓΚΤΩΝ, 9. (Ρόυτερ). — Τὸ Διεθνὲς Νομισματικὸν Ταμεῖον εἰς τὴν ἐτησίαν του ἔκθεσιν ἀναφέρει ὅτι ἡ παγκόσμιος οἰκονομία παρουσιάζει ἱκανοποιητικὴν ἀνάπτυξιν. Ἐκφράζει ὅμως ἀνησυχίας διὰ τὴν κατάστασιν τῶν ὑπαναπτύκτων χωρῶν, αἱ ὁποῖαι ἀντιμετωπίζουν σοβαρὰ προβλήματα ἐξωτερικῶν πληρωμῶν.
ΚΑΤΑ ΤΑΣ ΑΡΧΑΙΡΕΣΙΑΣ ΤΟΥ ΕΠΙΜΕΛΗΤΗΡΙΟΥ ΑΘΗΝΩΝ ΕΠΑΝΕΨΗΦΙΣΘΗ Ο ΠΑΡΑΙΤΗΘΕΙΣ ΠΡΟΕΔΡΟΣ Κ. ΠΑΝΑΓΟΣ ΑΛΛΑ ΔΕΝ ΕΞΕΛΕΓΗ, ΜΗ ΛΑΒΩΝ ΑΠΟΛΥΤΟΝ ΠΛΕΙΟΨΗΦΙΑΝ
ΑΘΗΝΑΙ, 9. — Τὸ Ἐμπορικὸν καὶ Βιομηχανικὸν Ἐπιμελητήριον Ἀθηνῶν διεξήγαγεν τὰς ἀρχαιρεσίας τοῦ νέου Διοικητικοῦ Συμβουλίου. Ὁ παραιτηθεὶς πρόεδρος κ. Πανάγος ἐπανεψηφίσθη ἀλλὰ δὲν ἐξελέγη, διότι δὲν ἔλαβε τὴν ἀπόλυτον πλειοψηφίαν. Θὰ διεξαχθῇ νέα ψηφοφορία.
ΗΡΧΙΣΑΝ ΑΙ ΕΡΓΑΣΙΑΙ ΤΟΥ ΕΙΣ ΑΜΣΤΕΡΝΤΑΜ ΤΟ ΔΙΕΘΝΕΣ ΣΟΣΙΑΛΙΣΤΙΚΟΝ ΣΥΝΕΔΡΙΟΝ ΜΕ ΕΥΡΥΤΑΤΗΝ ΣΥΜΜΕΤΟΧΗΝ ΕΚΠΡΟΣΩΠΩΝ
ΑΜΣΤΕΡΝΤΑΜ, 9. (Ρόυτερ). — Ἤρχισαν σήμερον αἱ ἐργασίαι τοῦ Διεθνοῦς Σοσιαλιστικοῦ Συνεδρίου μὲ τὴν συμμετοχὴν ἀντιπροσώπων ἐξ ὅλων τῶν χωρῶν τοῦ κόσμου. Τὸ Συνέδριον θὰ ἐξετάσῃ τὰ προβλήματα τῆς εἰρήνης.
Ο ΔΙΑΛΟΓΟΣ ΜΕ ΤΗΝ ΡΩΣΣΙΑΝ
ΥΠΕΣΤΗ ΝΕΥΡΙΚΗΝ ΚΡΙΣΙΝ Ο ΡΩΣΣΟΣ ΠΛΟΙΑΡΧΟΣ ΤΟΥ ΟΠΟΙΟΥ ΤΟ ΣΚΑΦΟΣ ΕΞΩΚΕΙΛΕΝ ΕΙΣ ΒΟΣΠΟΡΟΝ
ΚΩΝΣΤΑΝΤΙΝΟΥΠΟΛΙΣ, 9. (Ἀσσ. Πρές). — Ὁ πλοίαρχος τοῦ σοβιετικοῦ φορτηγοῦ τὸ ὁποῖον ἐξώκειλεν εἰς τὸν Βόσπορον ὑπέστη νευρικὴν κρίσιν καὶ μετεφέρθη εἰς νοσοκομεῖον.
Η ΑΚΤΟΠΛΟΪΚΗ ΕΝΩΣΙΣ ΖΗΤΕΙ ΣΥΜΜΟΡΦΩΣΙΝ ΕΥ ΕΟΤ ΠΡΟΣ ΤΑΣ ΑΠΟΦΑΣΕΙΣ ΤΟΥ ΣΥΜΒΟΥΛΙΟΥ ΕΠΙΚΡΑΤΕΙΑΣ
ΑΘΗΝΑΙ, 9. — Ἡ Ἀκτοπλοΐκὴ Ἕνωσις ζητεῖ ἀπὸ τὸν Ε.Ο.Τ. νὰ συμμορφωθῇ πρὸς τὰς ἀποφάσεις τοῦ Συμβουλίου Ἐπικρατείας σχετικῶς μὲ τὰ δρομολόγια τῶν πλοίων.
ΤΕΡΑΣΤΙΑΙ ΑΙ ΚΑΤΑΣΤΡΟΦΑΙ ΕΚ ΠΥΡΚΑ·Ι·ΩΝ ΕΙΣ ΤΑ ΑΠΕΡΑΝΤΑ ΔΑΣΗ ΤΗΣ ΒΡΑΖΙΛΙΑΣ
ΣΥΝΕΧΕΙΑ ΕΚ ΤΗΣ 1ης ΣΕΛΙΔΟΣ
τὰ κύρια κέντρα ἐνῷ αἱ φλόγες προχωροῦν. Ὁ ἀριθμὸς τῶν θυμάτων ἀνέρχεται εἰς ἑκατοντάδας.

ΦΟΒΟΣ ΕΠΙΔΗΜΙΩΝ

ΚΟΥΡΙΤΙΜΠΑ, 9. (Ἀσσ. Πρές). — Νέος κίνδυνος ἀπειλεῖ τὴν περιοχήν: ἐπιδημίαι ἐκ τῶν πτωμάτων καὶ τῆς ἐλλείψεως ὕδατος. Αἱ ὑγειονομικαὶ ἀρχαὶ λαμβάνουν μέτρα.

ΕΝΘΙΑΙ ΕΙΣ ΤΟΝ ΚΑΣΣΝΑ

ΒΕΡΟΛΙΝΟΝ, 9. (Ἀσσ. Πρές). — Αἱ ἀρχαὶ ἐξετάζουν τὴν κατάστασιν.
